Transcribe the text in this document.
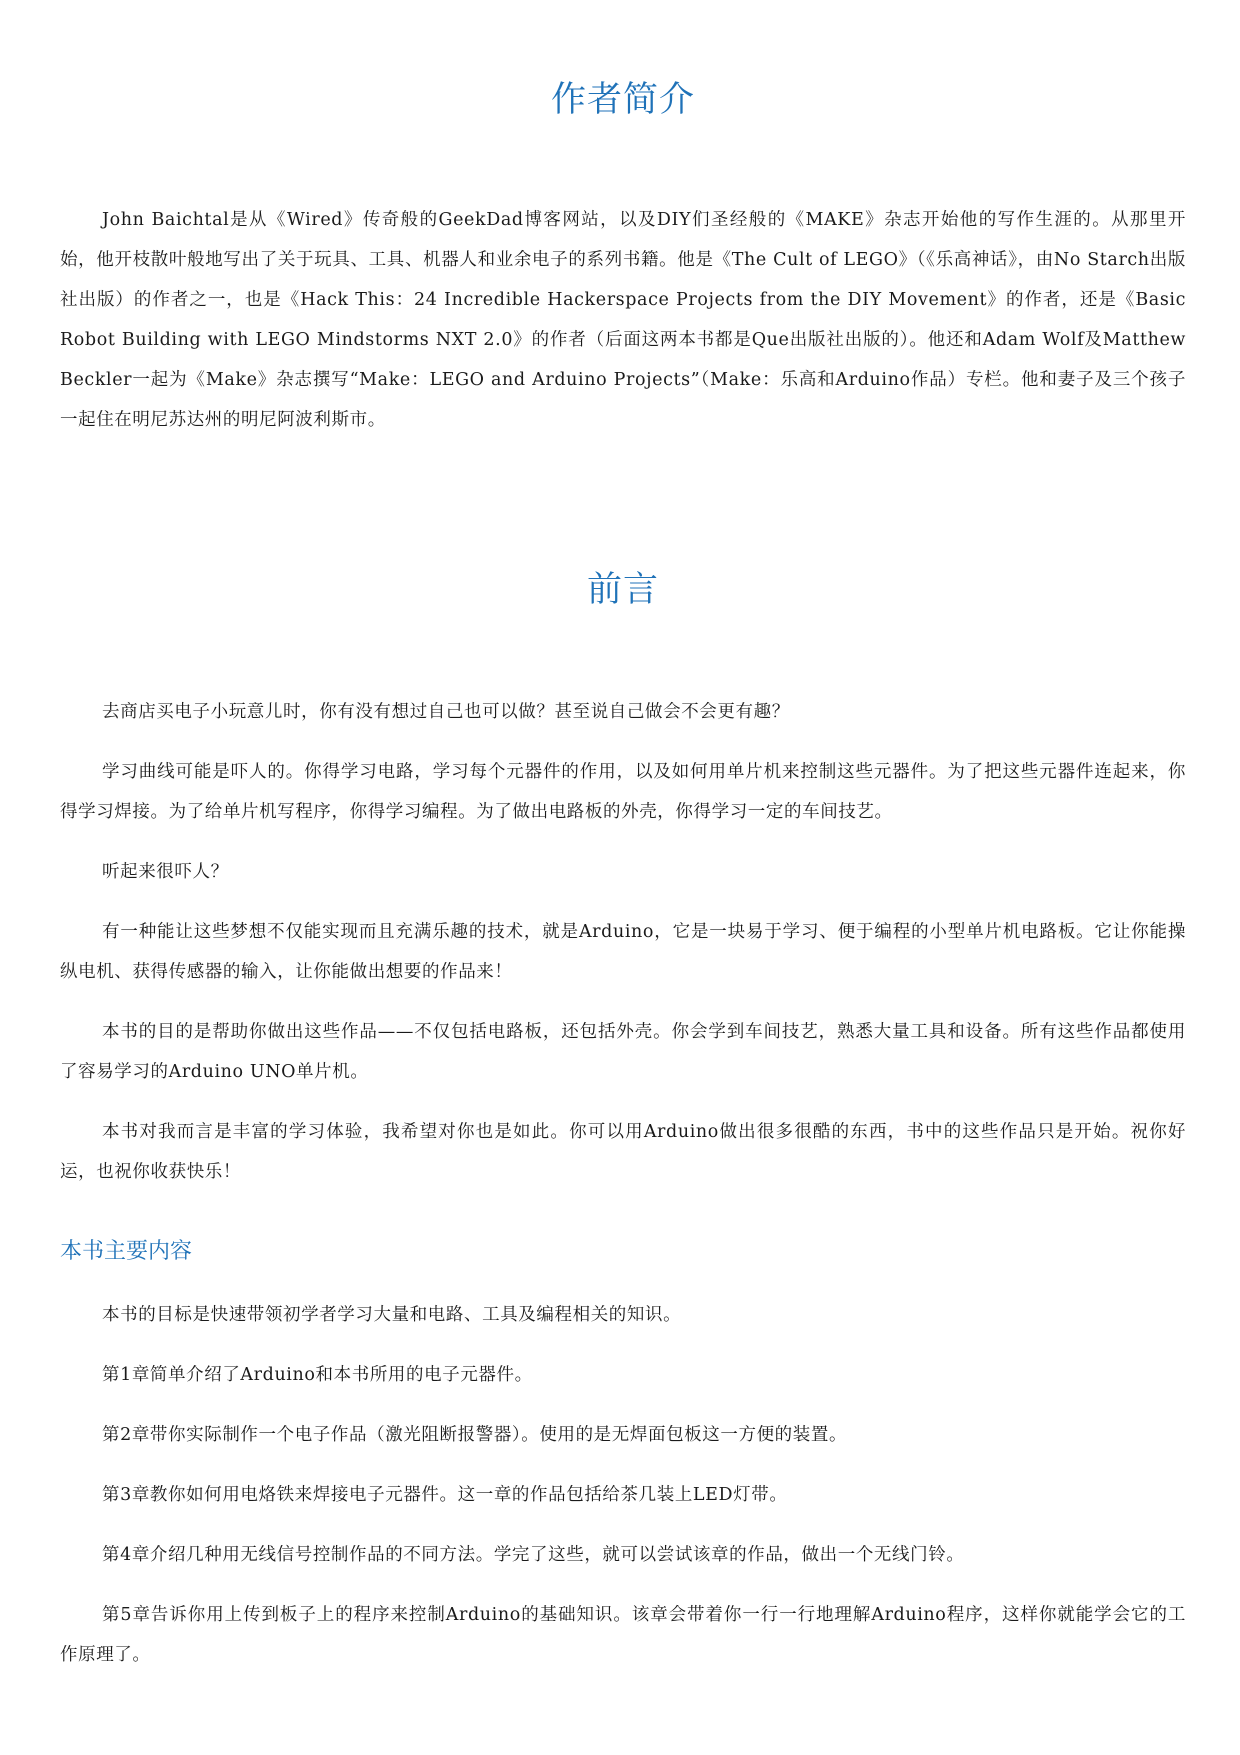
作者简介

John Baichtal是从《Wired》传奇般的GeekDad博客网站，以及DIY们圣经般的《MAKE》杂志开始他的写作生涯的。从那里开始，他开枝散叶般地写出了关于玩具、工具、机器人和业余电子的系列书籍。他是《The Cult of LEGO》（《乐高神话》，由No Starch出版社出版）的作者之一，也是《Hack This：24 Incredible Hackerspace Projects from the DIY Movement》的作者，还是《Basic Robot Building with LEGO Mindstorms NXT 2.0》的作者（后面这两本书都是Que出版社出版的）。他还和Adam Wolf及Matthew Beckler一起为《Make》杂志撰写“Make：LEGO and Arduino Projects”（Make：乐高和Arduino作品）专栏。他和妻子及三个孩子一起住在明尼苏达州的明尼阿波利斯市。

前言

去商店买电子小玩意儿时，你有没有想过自己也可以做？甚至说自己做会不会更有趣？

学习曲线可能是吓人的。你得学习电路，学习每个元器件的作用，以及如何用单片机来控制这些元器件。为了把这些元器件连起来，你得学习焊接。为了给单片机写程序，你得学习编程。为了做出电路板的外壳，你得学习一定的车间技艺。

听起来很吓人？

有一种能让这些梦想不仅能实现而且充满乐趣的技术，就是Arduino，它是一块易于学习、便于编程的小型单片机电路板。它让你能操纵电机、获得传感器的输入，让你能做出想要的作品来！

本书的目的是帮助你做出这些作品——不仅包括电路板，还包括外壳。你会学到车间技艺，熟悉大量工具和设备。所有这些作品都使用了容易学习的Arduino UNO单片机。

本书对我而言是丰富的学习体验，我希望对你也是如此。你可以用Arduino做出很多很酷的东西，书中的这些作品只是开始。祝你好运，也祝你收获快乐！

本书主要内容

本书的目标是快速带领初学者学习大量和电路、工具及编程相关的知识。

第1章简单介绍了Arduino和本书所用的电子元器件。

第2章带你实际制作一个电子作品（激光阻断报警器）。使用的是无焊面包板这一方便的装置。

第3章教你如何用电烙铁来焊接电子元器件。这一章的作品包括给茶几装上LED灯带。

第4章介绍几种用无线信号控制作品的不同方法。学完了这些，就可以尝试该章的作品，做出一个无线门铃。

第5章告诉你用上传到板子上的程序来控制Arduino的基础知识。该章会带着你一行一行地理解Arduino程序，这样你就能学会它的工作原理了。
